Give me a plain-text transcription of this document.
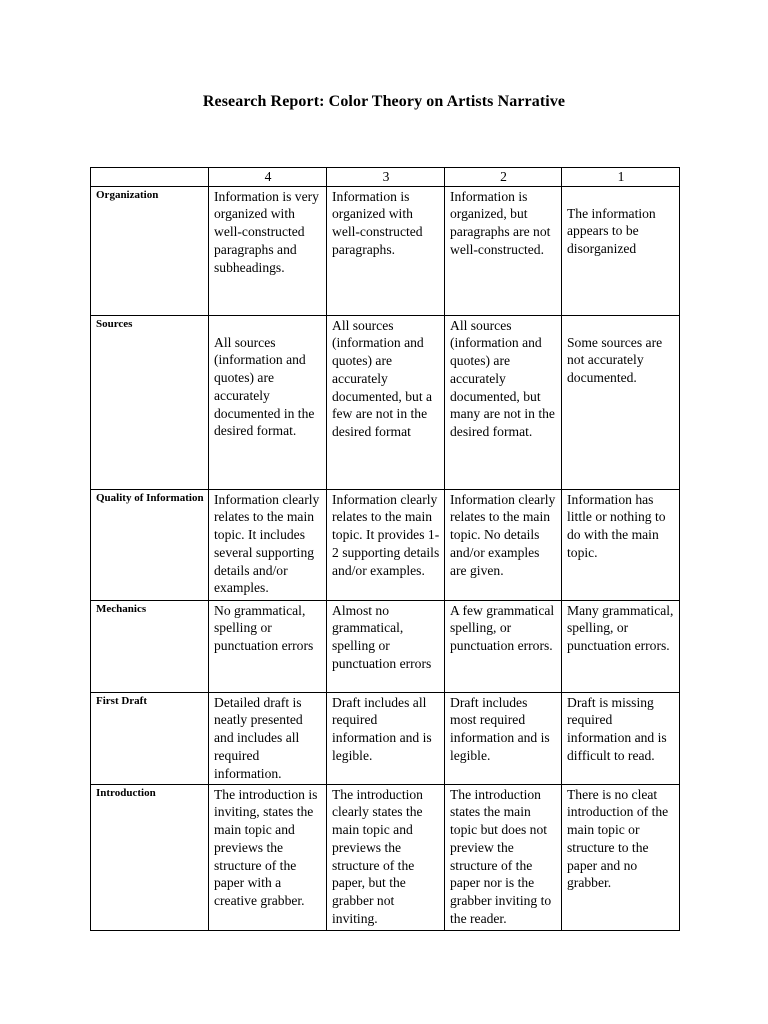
Research Report: Color Theory on Artists Narrative
	4	3	2	1
Organization	Information is very organized with well-constructed paragraphs and subheadings.	Information is organized with well-constructed paragraphs.	Information is organized, but paragraphs are not well-constructed.	The information appears to be disorganized
Sources	All sources (information and quotes) are accurately documented in the desired format.	All sources (information and quotes) are accurately documented, but a few are not in the desired format	All sources (information and quotes) are accurately documented, but many are not in the desired format.	Some sources are not accurately documented.
Quality of Information	Information clearly relates to the main topic. It includes several supporting details and/or examples.	Information clearly relates to the main topic. It provides 1-2 supporting details and/or examples.	Information clearly relates to the main topic. No details and/or examples are given.	Information has little or nothing to do with the main topic.
Mechanics	No grammatical, spelling or punctuation errors	Almost no grammatical, spelling or punctuation errors	A few grammatical spelling, or punctuation errors.	Many grammatical, spelling, or punctuation errors.
First Draft	Detailed draft is neatly presented and includes all required information.	Draft includes all required information and is legible.	Draft includes most required information and is legible.	Draft is missing required information and is difficult to read.
Introduction	The introduction is inviting, states the main topic and previews the structure of the paper with a creative grabber.	The introduction clearly states the main topic and previews the structure of the paper, but the grabber not inviting.	The introduction states the main topic but does not preview the structure of the paper nor is the grabber inviting to the reader.	There is no cleat introduction of the main topic or structure to the paper and no grabber.
